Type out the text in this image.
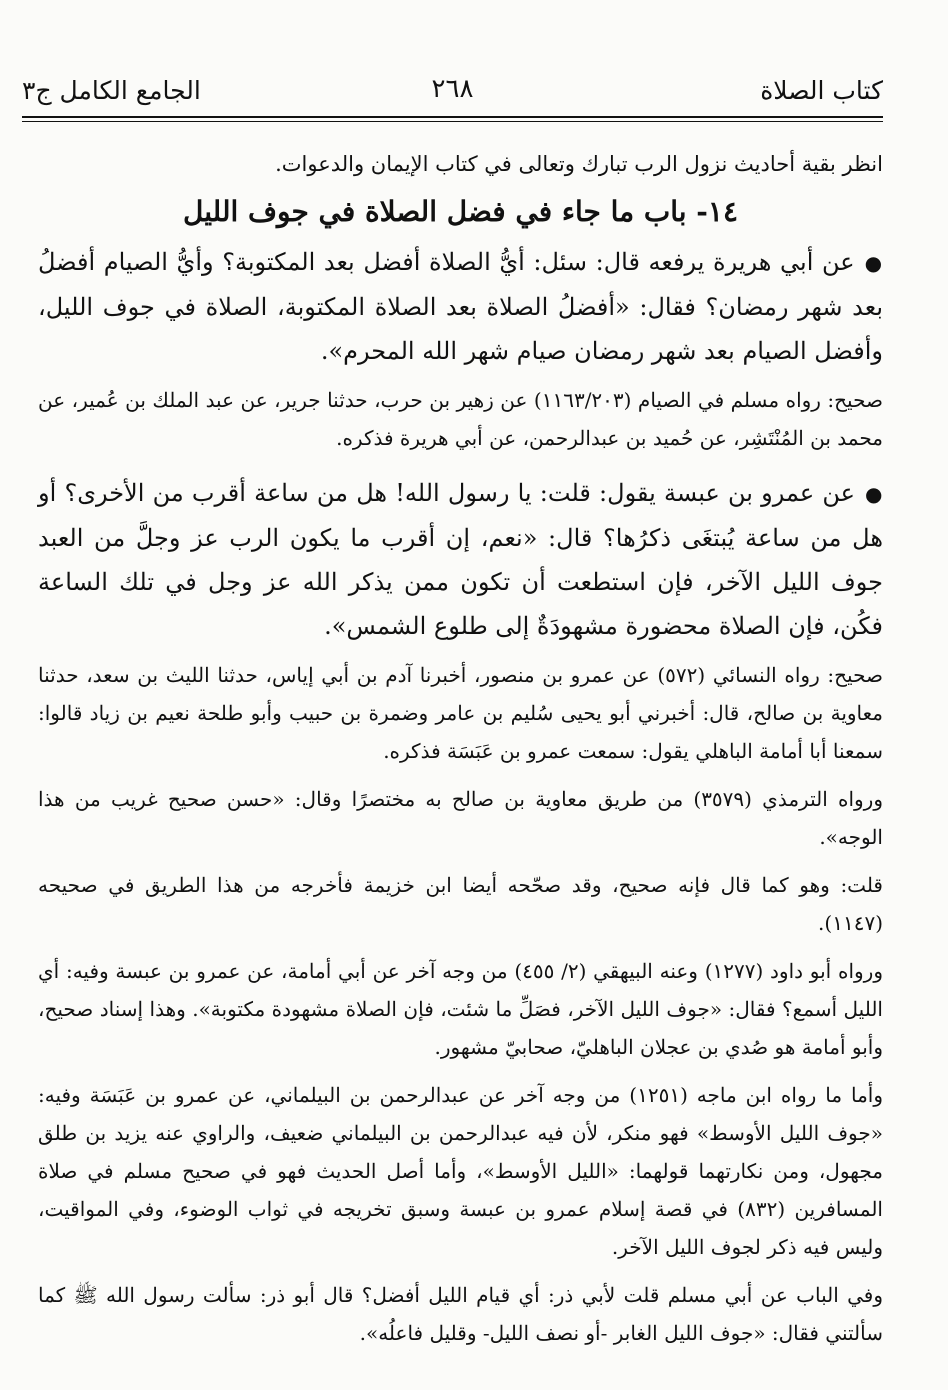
كتاب الصلاة
٢٦٨
الجامع الكامل ج٣

انظر بقية أحاديث نزول الرب تبارك وتعالى في كتاب الإيمان والدعوات.

١٤- باب ما جاء في فضل الصلاة في جوف الليل

●عن أبي هريرة يرفعه قال: سئل: أيُّ الصلاة أفضل بعد المكتوبة؟ وأيُّ الصيام أفضلُ بعد شهر رمضان؟ فقال: «أفضلُ الصلاة بعد الصلاة المكتوبة، الصلاة في جوف الليل، وأفضل الصيام بعد شهر رمضان صيام شهر الله المحرم».

صحيح: رواه مسلم في الصيام (١١٦٣/٢٠٣) عن زهير بن حرب، حدثنا جرير، عن عبد الملك بن عُمير، عن محمد بن المُنْتَشِر، عن حُميد بن عبدالرحمن، عن أبي هريرة فذكره.

●عن عمرو بن عبسة يقول: قلت: يا رسول الله! هل من ساعة أقرب من الأخرى؟ أو هل من ساعة يُبتغَى ذكرُها؟ قال: «نعم، إن أقرب ما يكون الرب عز وجلَّ من العبد جوف الليل الآخر، فإن استطعت أن تكون ممن يذكر الله عز وجل في تلك الساعة فكُن، فإن الصلاة محضورة مشهودَةٌ إلى طلوع الشمس».

صحيح: رواه النسائي (٥٧٢) عن عمرو بن منصور، أخبرنا آدم بن أبي إياس، حدثنا الليث بن سعد، حدثنا معاوية بن صالح، قال: أخبرني أبو يحيى سُليم بن عامر وضمرة بن حبيب وأبو طلحة نعيم بن زياد قالوا: سمعنا أبا أمامة الباهلي يقول: سمعت عمرو بن عَبَسَة فذكره.

ورواه الترمذي (٣٥٧٩) من طريق معاوية بن صالح به مختصرًا وقال: «حسن صحيح غريب من هذا الوجه».

قلت: وهو كما قال فإنه صحيح، وقد صحّحه أيضا ابن خزيمة فأخرجه من هذا الطريق في صحيحه (١١٤٧).

ورواه أبو داود (١٢٧٧) وعنه البيهقي (٢/ ٤٥٥) من وجه آخر عن أبي أمامة، عن عمرو بن عبسة وفيه: أي الليل أسمع؟ فقال: «جوف الليل الآخر، فصَلِّ ما شئت، فإن الصلاة مشهودة مكتوبة». وهذا إسناد صحيح، وأبو أمامة هو صُدي بن عجلان الباهليّ، صحابيّ مشهور.

وأما ما رواه ابن ماجه (١٢٥١) من وجه آخر عن عبدالرحمن بن البيلماني، عن عمرو بن عَبَسَة وفيه: «جوف الليل الأوسط» فهو منكر، لأن فيه عبدالرحمن بن البيلماني ضعيف، والراوي عنه يزيد بن طلق مجهول، ومن نكارتهما قولهما: «الليل الأوسط»، وأما أصل الحديث فهو في صحيح مسلم في صلاة المسافرين (٨٣٢) في قصة إسلام عمرو بن عبسة وسبق تخريجه في ثواب الوضوء، وفي المواقيت، وليس فيه ذكر لجوف الليل الآخر.

وفي الباب عن أبي مسلم قلت لأبي ذر: أي قيام الليل أفضل؟ قال أبو ذر: سألت رسول الله ﷺ كما سألتني فقال: «جوف الليل الغابر -أو نصف الليل- وقليل فاعلُه».
